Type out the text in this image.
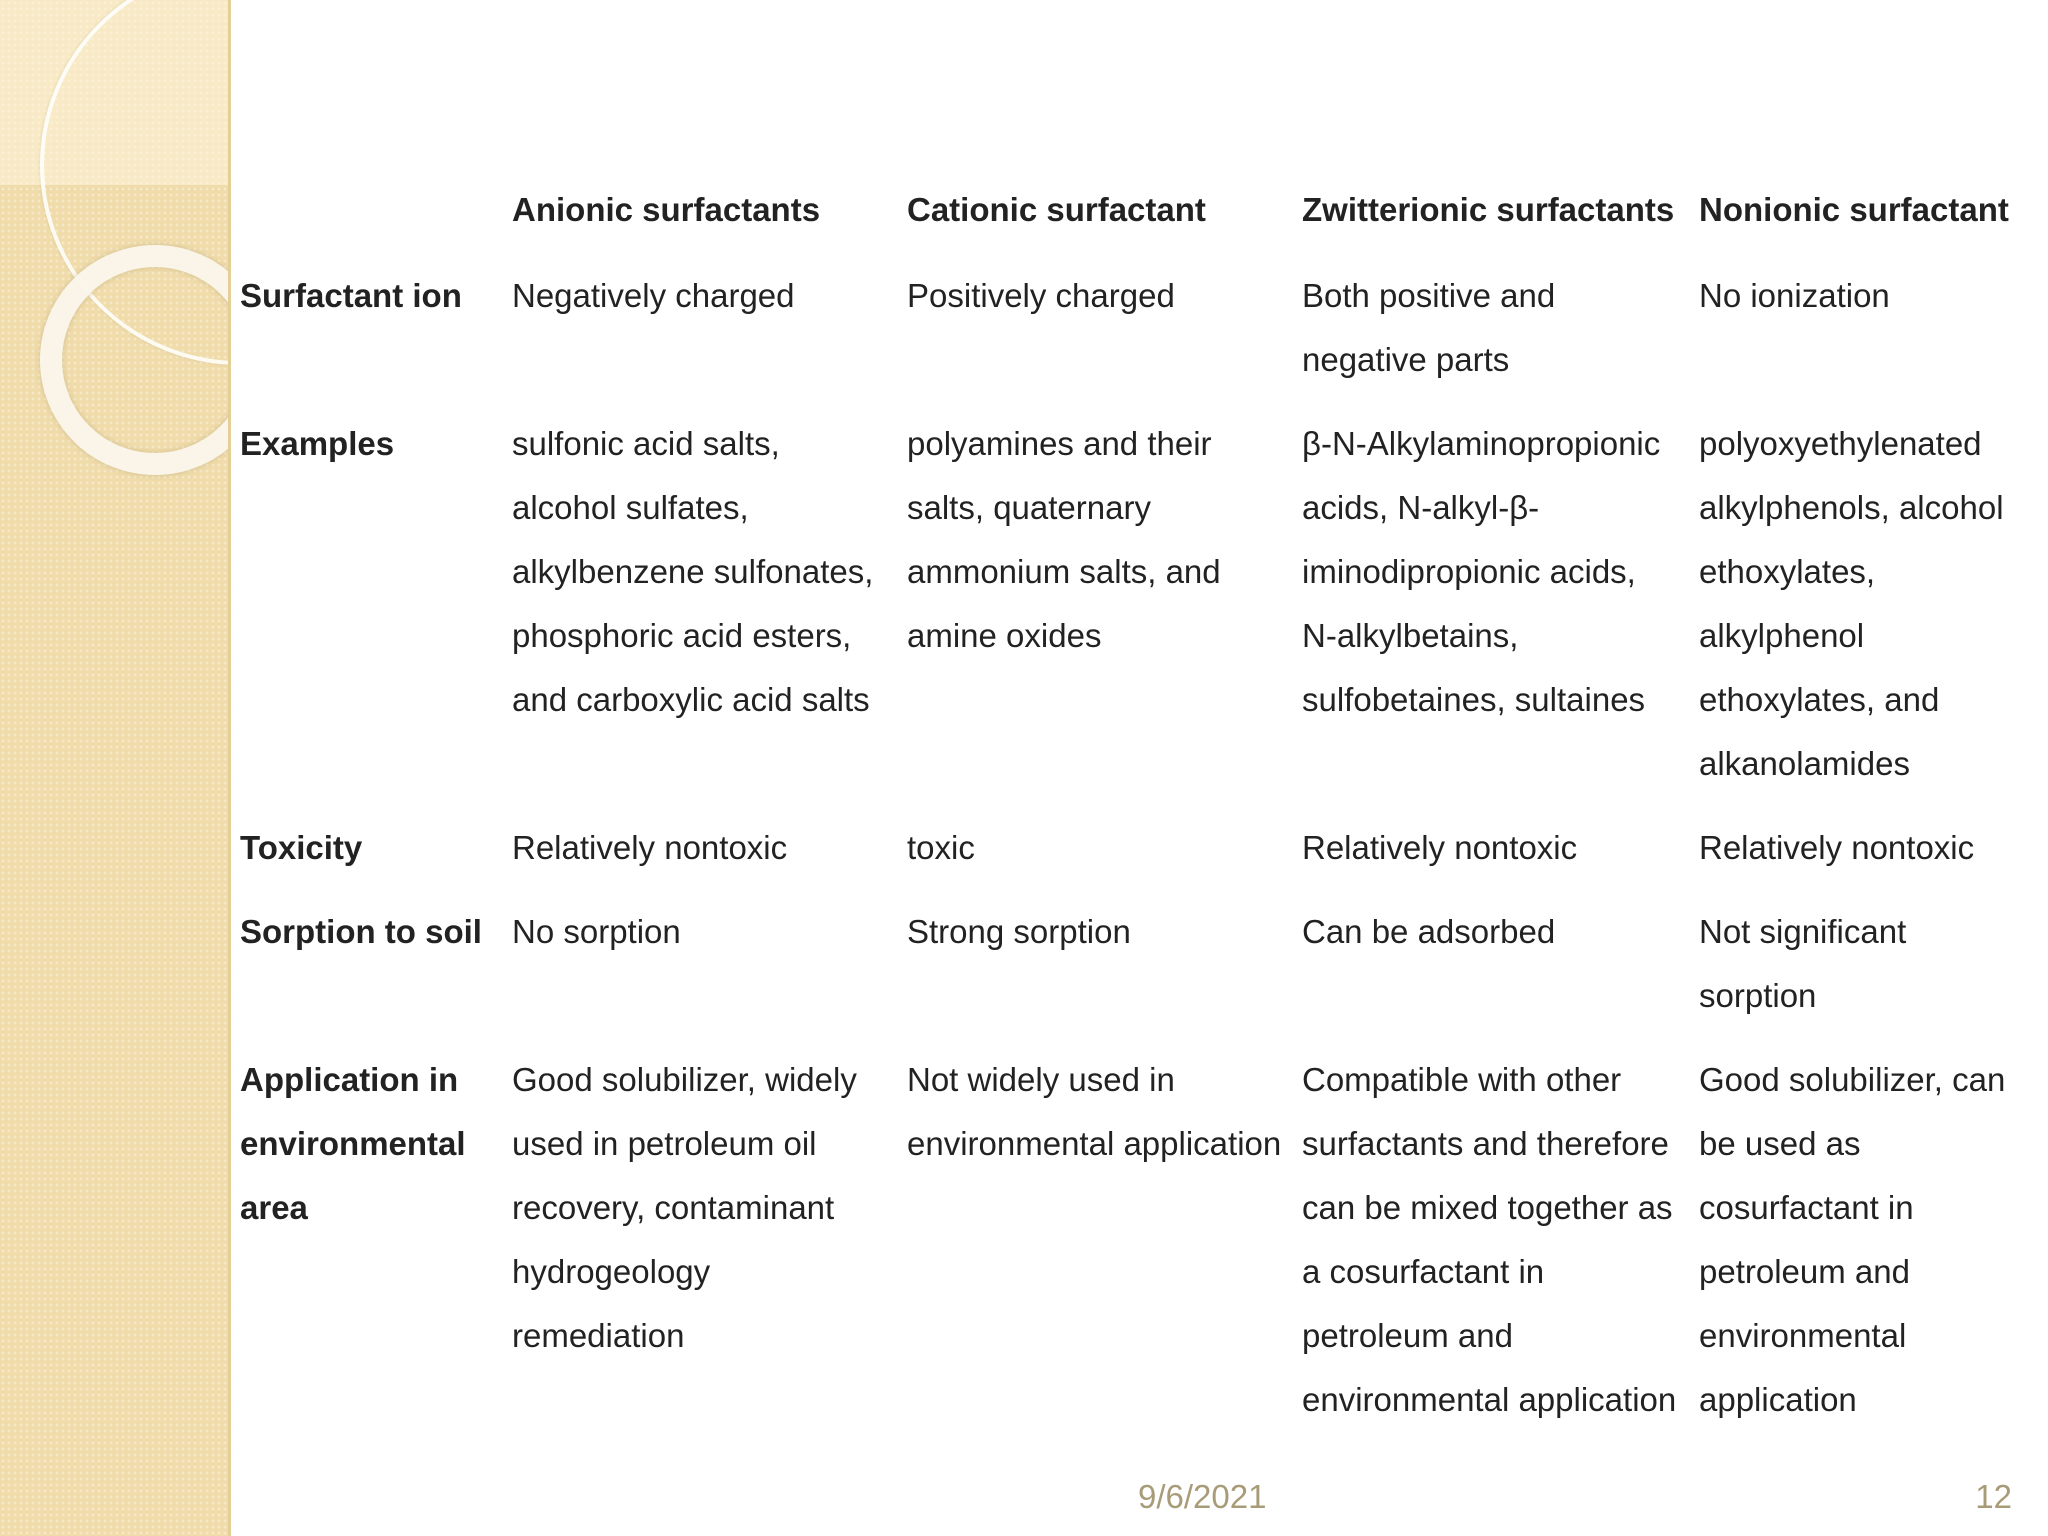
	Anionic surfactants	Cationic surfactant	Zwitterionic surfactants	Nonionic surfactant
Surfactant ion	Negatively charged	Positively charged	Both positive and negative parts	No ionization
Examples	sulfonic acid salts, alcohol sulfates, alkylbenzene sulfonates, phosphoric acid esters, and carboxylic acid salts	polyamines and their salts, quaternary ammonium salts, and amine oxides	β-N-Alkylaminopropionic acids, N-alkyl-β-iminodipropionic acids, N-alkylbetains, sulfobetaines, sultaines	polyoxyethylenated alkylphenols, alcohol ethoxylates, alkylphenol ethoxylates, and alkanolamides
Toxicity	Relatively nontoxic	toxic	Relatively nontoxic	Relatively nontoxic
Sorption to soil	No sorption	Strong sorption	Can be adsorbed	Not significant sorption
Application in environmental area	Good solubilizer, widely used in petroleum oil recovery, contaminant hydrogeology remediation	Not widely used in environmental application	Compatible with other surfactants and therefore can be mixed together as a cosurfactant in petroleum and environmental application	Good solubilizer, can be used as cosurfactant in petroleum and environmental application
9/6/2021	12
